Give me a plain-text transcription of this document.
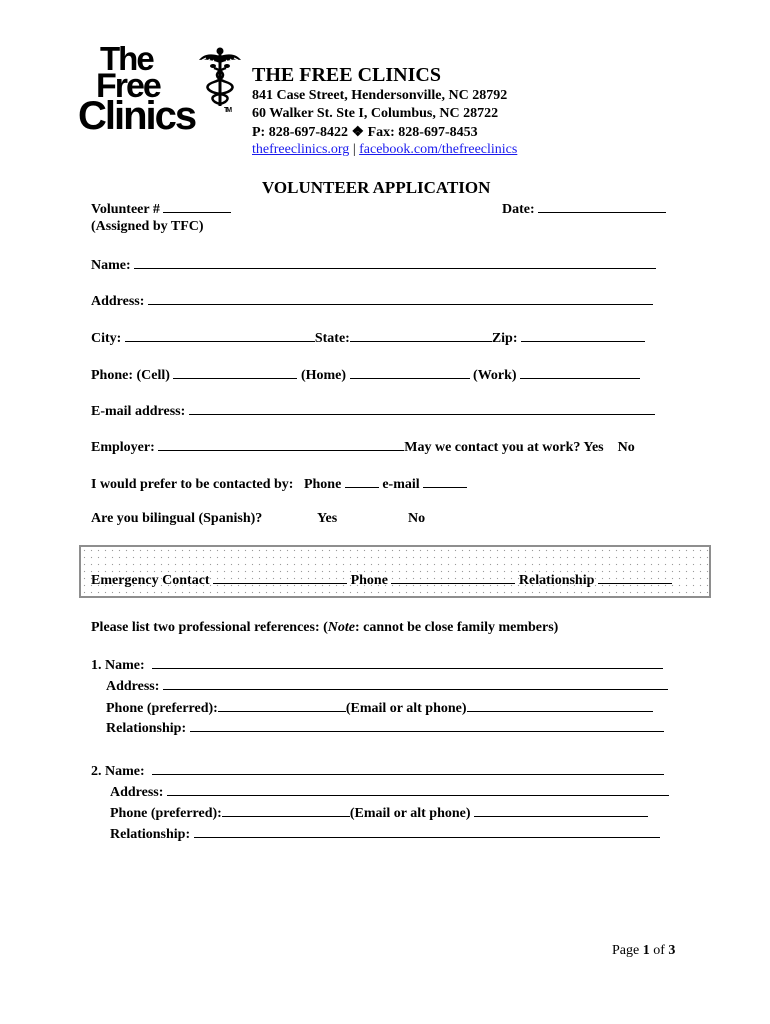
The
Free
Clinics	TM
THE FREE CLINICS
841 Case Street, Hendersonville, NC 28792
60 Walker St. Ste I, Columbus, NC 28722
P: 828-697-8422 ❖ Fax: 828-697-8453
thefreeclinics.org | facebook.com/thefreeclinics
VOLUNTEER APPLICATION
Volunteer #
(Assigned by TFC)
Date:
Name:
Address:
City:	State:	Zip:
Phone: (Cell)	(Home)	(Work)
E-mail address:
Employer:	May we contact you at work? Yes No
I would prefer to be contacted by: Phone	e-mail
Are you bilingual (Spanish)?	Yes	No
Emergency Contact	Phone	Relationship
Please list two professional references: (Note: cannot be close family members)
1. Name:
Address:
Phone (preferred):	(Email or alt phone)
Relationship:
2. Name:
Address:
Phone (preferred):	(Email or alt phone)
Relationship:
Page 1 of 3
